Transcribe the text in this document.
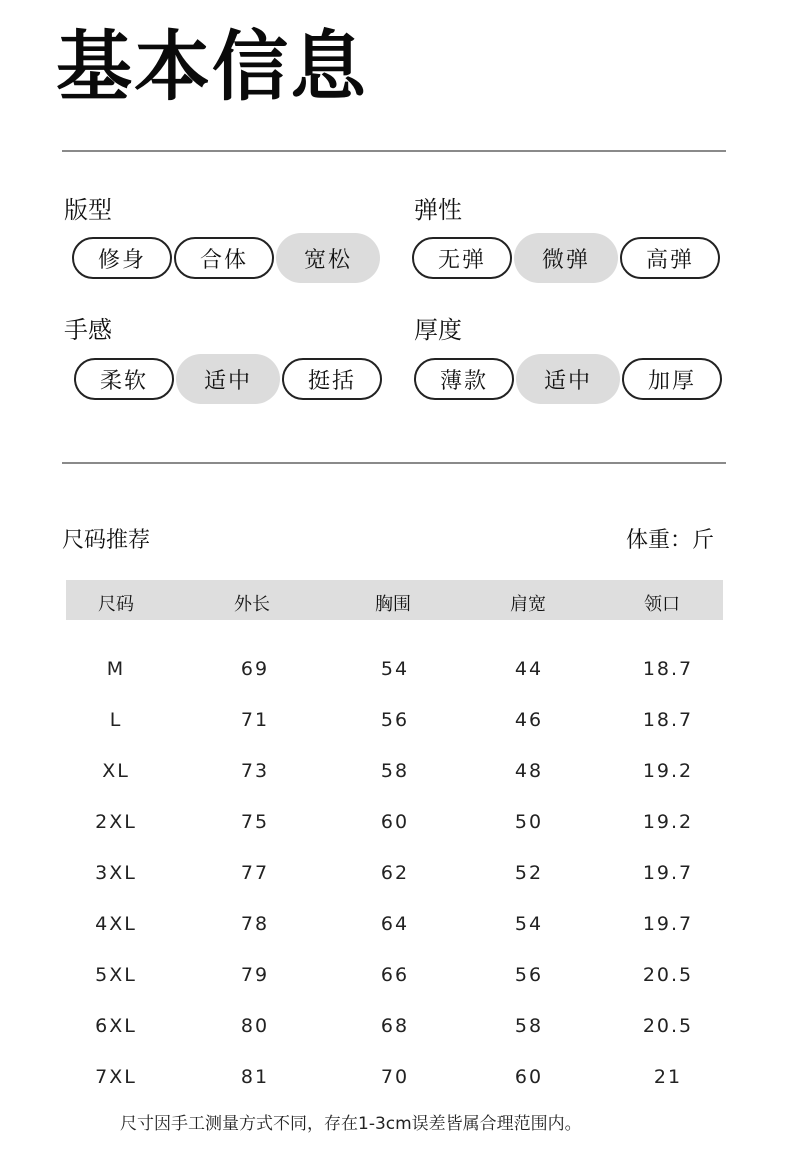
基本信息
版型
修身	合体	宽松
弹性
无弹	微弹	高弹
手感
柔软	适中	挺括
厚度
薄款	适中	加厚
尺码推荐	体重：斤
尺码	外长	胸围	肩宽	领口
M	69	54	44	18.7
L	71	56	46	18.7
XL	73	58	48	19.2
2XL	75	60	50	19.2
3XL	77	62	52	19.7
4XL	78	64	54	19.7
5XL	79	66	56	20.5
6XL	80	68	58	20.5
7XL	81	70	60	21
尺寸因手工测量方式不同，存在1-3cm误差皆属合理范围内。
